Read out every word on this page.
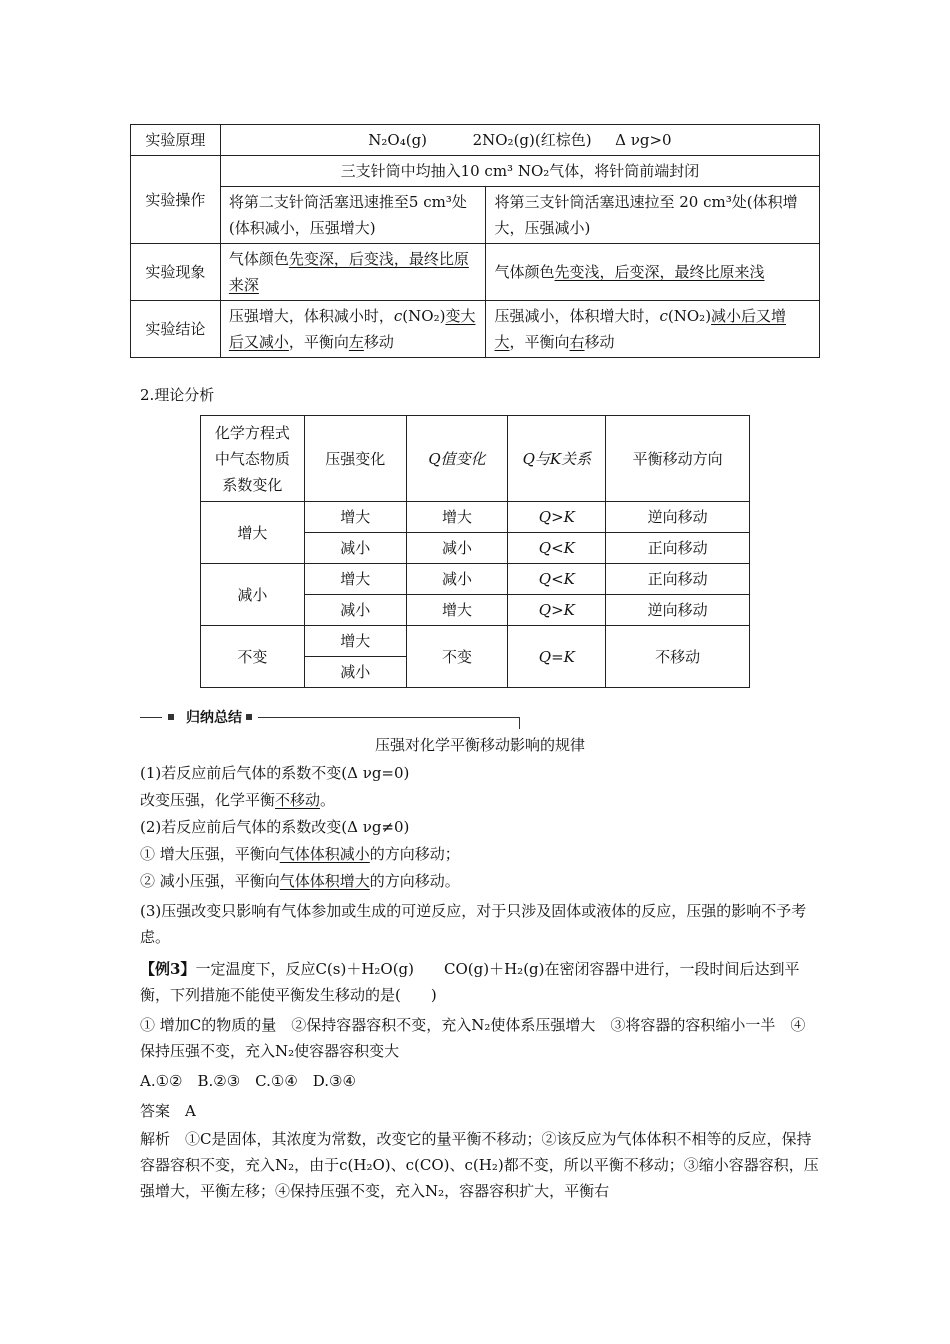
实验原理	N₂O₄(g) 2NO₂(g)(红棕色) Δ νg>0	
实验操作	三支针筒中均抽入10 cm³ NO₂气体，将针筒前端封闭	
	将第二支针筒活塞迅速推至5 cm³处(体积减小，压强增大)	将第三支针筒活塞迅速拉至 20 cm³处(体积增大，压强减小)
实验现象	气体颜色先变深，后变浅，最终比原来深	气体颜色先变浅，后变深，最终比原来浅
实验结论	压强增大，体积减小时，c(NO₂)变大后又减小，平衡向左移动	压强减小，体积增大时，c(NO₂)减小后又增大，平衡向右移动
2.理论分析
化学方程式
中气态物质
系数变化	压强变化	Q值变化	Q与K关系	平衡移动方向
增大	增大	增大	Q>K	逆向移动
	减小	减小	Q<K	正向移动
减小	增大	减小	Q<K	正向移动
	减小	增大	Q>K	逆向移动
不变	增大	不变	Q=K	不移动
	减小			
归纳总结
压强对化学平衡移动影响的规律
(1)若反应前后气体的系数不变(Δ νg=0)
改变压强，化学平衡不移动。
(2)若反应前后气体的系数改变(Δ νg≠0)
① 增大压强，平衡向气体体积减小的方向移动；
② 减小压强，平衡向气体体积增大的方向移动。
(3)压强改变只影响有气体参加或生成的可逆反应，对于只涉及固体或液体的反应，压强的影响不予考虑。
【例3】一定温度下，反应C(s)＋H₂O(g)　　CO(g)＋H₂(g)在密闭容器中进行，一段时间后达到平衡，下列措施不能使平衡发生移动的是(　　)
① 增加C的物质的量　②保持容器容积不变，充入N₂使体系压强增大　③将容器的容积缩小一半　④保持压强不变，充入N₂使容器容积变大
A.①②　B.②③　C.①④　D.③④
答案　A
解析　①C是固体，其浓度为常数，改变它的量平衡不移动；②该反应为气体体积不相等的反应，保持容器容积不变，充入N₂，由于c(H₂O)、c(CO)、c(H₂)都不变，所以平衡不移动；③缩小容器容积，压强增大，平衡左移；④保持压强不变，充入N₂，容器容积扩大，平衡右
